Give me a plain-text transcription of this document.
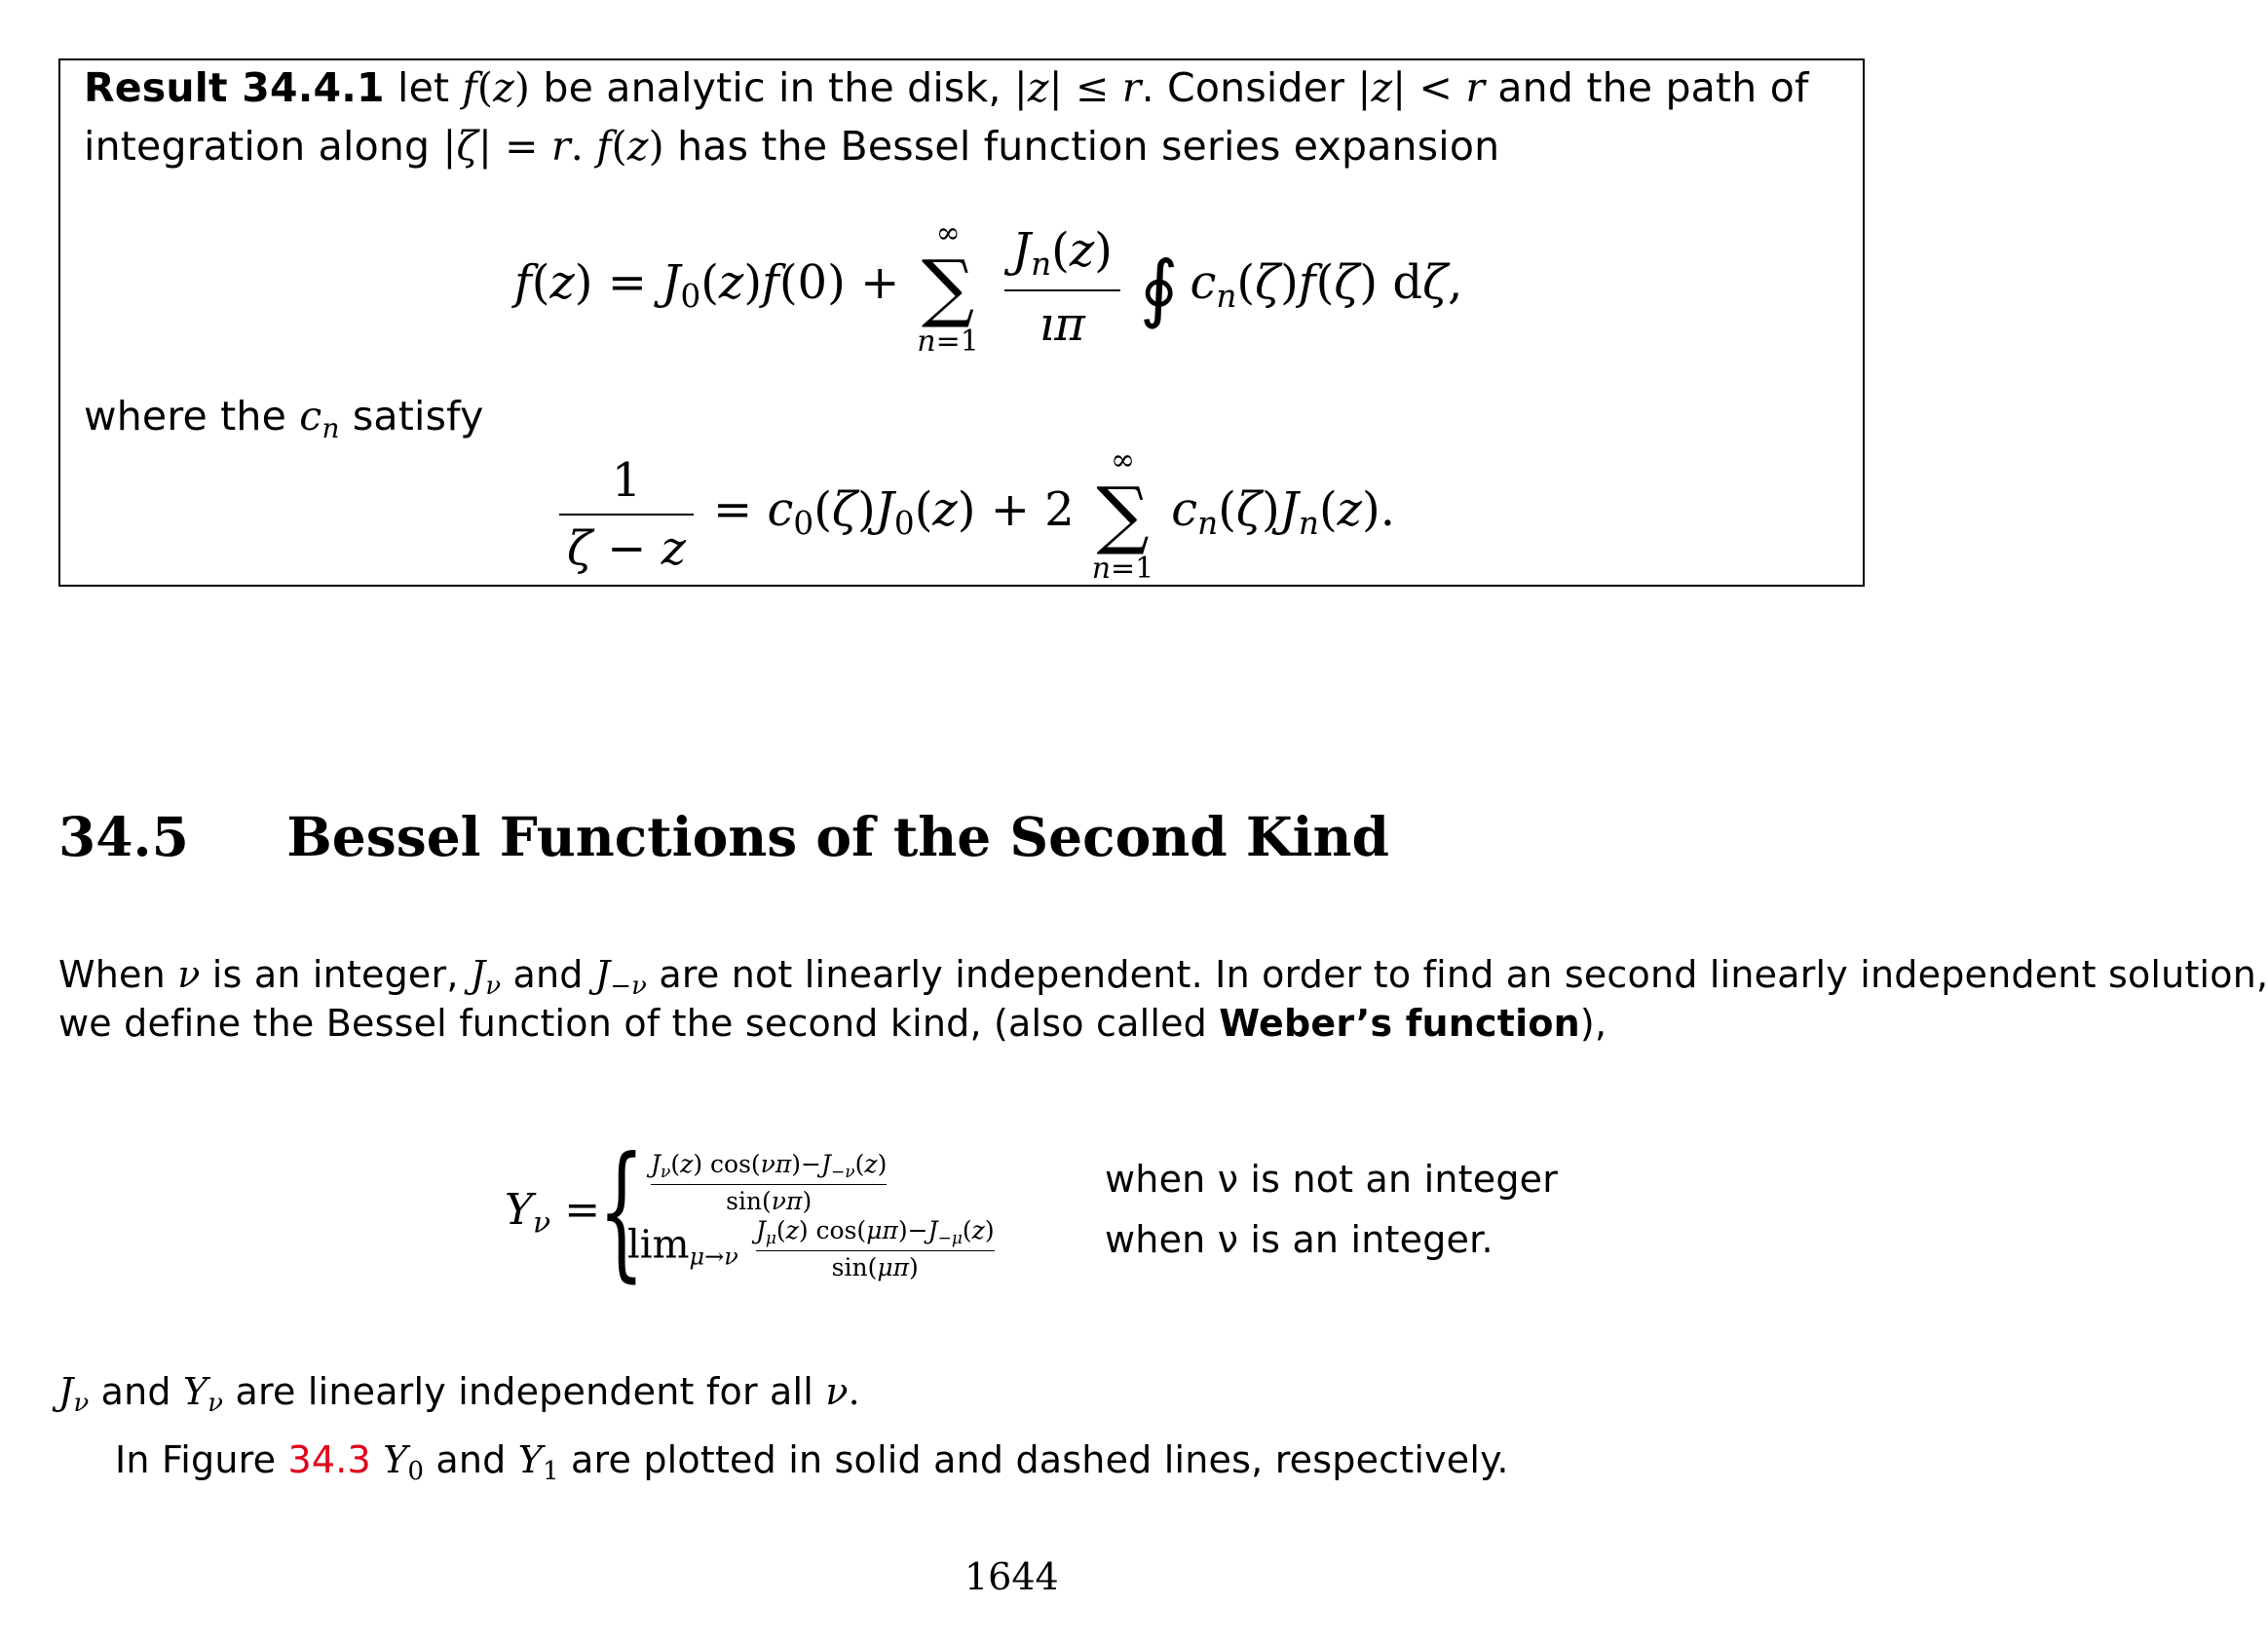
Result 34.4.1 let f(z) be analytic in the disk, |z| ≤ r. Consider |z| < r and the path of
integration along |ζ| = r. f(z) has the Bessel function series expansion
$f(z) = J_0(z)f(0)$ +
∞
∑
n=1
$\frac{J_n(z)}{ı\pi}$ ∮ $c_n(\zeta)f(\zeta)$ dζ,
where the $c_n$ satisfy
$\frac{1}{\zeta - z} = c_0(\zeta)J_0(z) + 2$
∞
∑
n=1
$c_n(\zeta)J_n(z)$.
34.5 Bessel Functions of the Second Kind
When ν is an integer, $J_\nu$ and $J_{-\nu}$ are not linearly independent. In order to find an second linearly independent solution,
we define the Bessel function of the second kind, (also called Weber’s function),
$Y_\nu$ =
{ $\frac{J_\nu(z) \cos(\nu\pi)-J_{-\nu}(z)}{\sin(\nu\pi)}$
$\lim_{\mu\to\nu} \frac{J_\mu(z) \cos(\mu\pi)-J_{-\mu}(z)}{\sin(\mu\pi)}$
when ν is not an integer
when ν is an integer.
$J_\nu$ and $Y_\nu$ are linearly independent for all ν.
In Figure 34.3 $Y_0$ and $Y_1$ are plotted in solid and dashed lines, respectively.
1644
